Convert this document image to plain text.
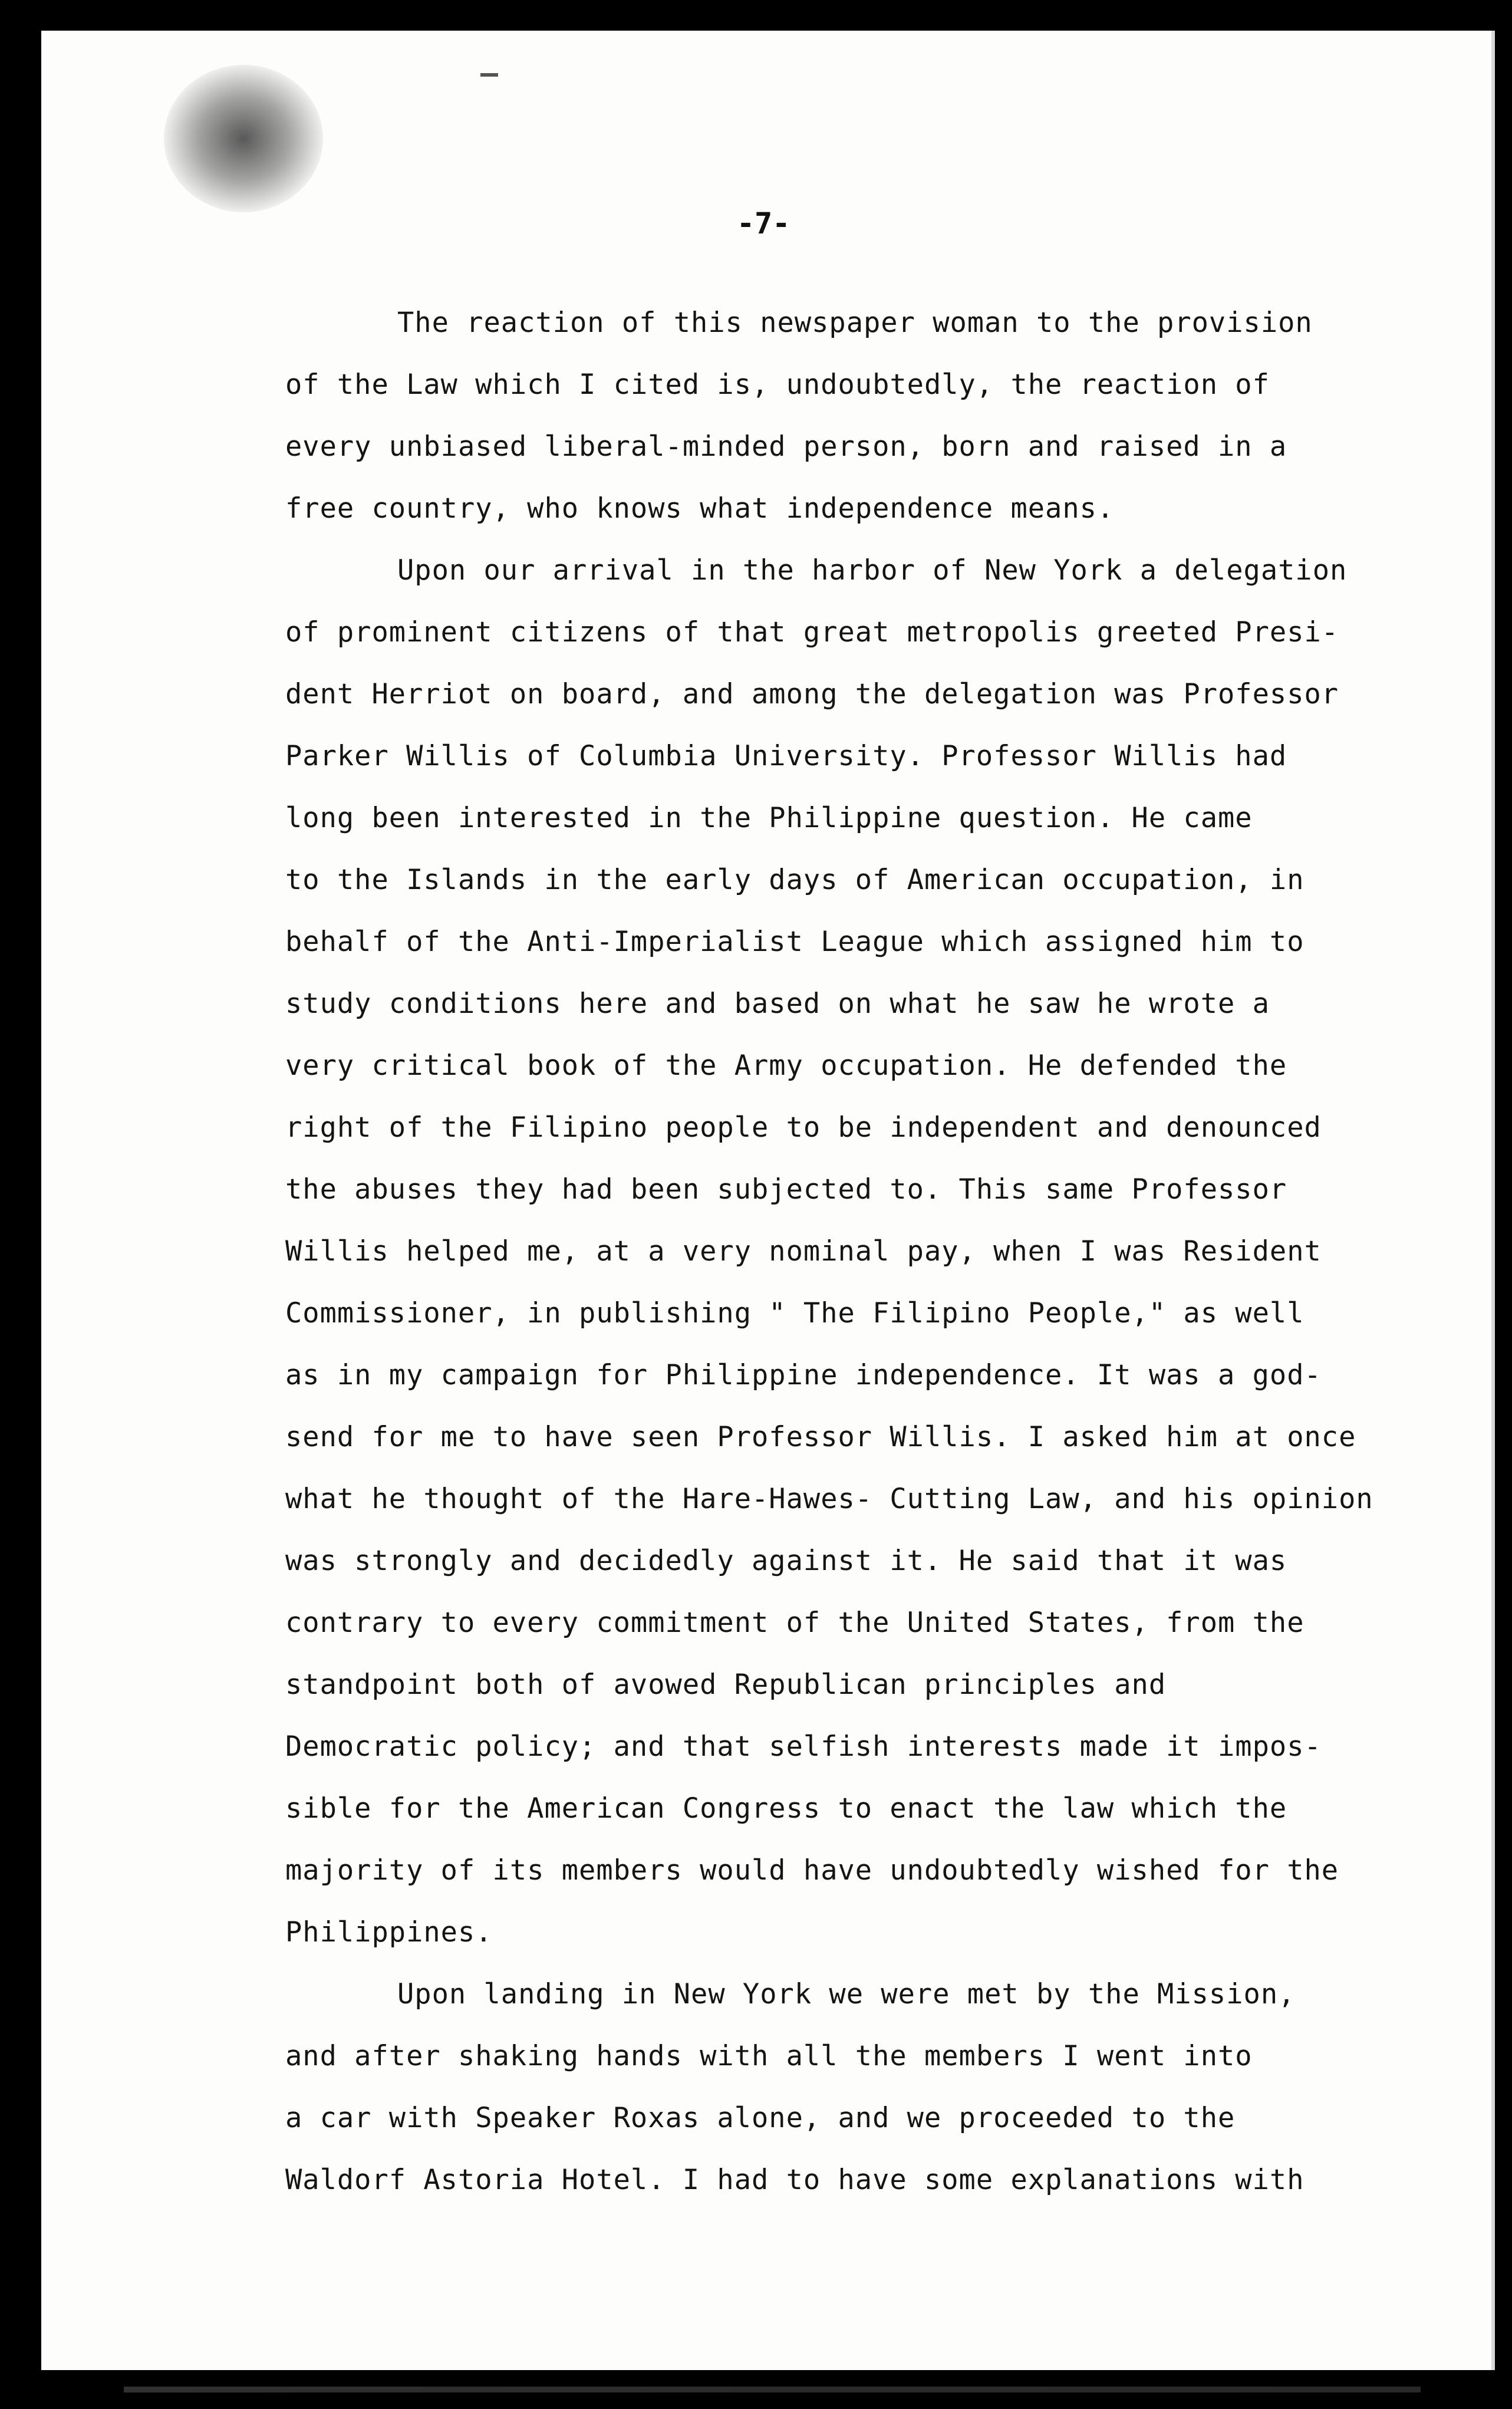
-7-
The reaction of this newspaper woman to the provision
of the Law which I cited is, undoubtedly, the reaction of
every unbiased liberal-minded person, born and raised in a
free country, who knows what independence means.
Upon our arrival in the harbor of New York a delegation
of prominent citizens of that great metropolis greeted Presi-
dent Herriot on board, and among the delegation was Professor
Parker Willis of Columbia University. Professor Willis had
long been interested in the Philippine question. He came
to the Islands in the early days of American occupation, in
behalf of the Anti-Imperialist League which assigned him to
study conditions here and based on what he saw he wrote a
very critical book of the Army occupation. He defended the
right of the Filipino people to be independent and denounced
the abuses they had been subjected to. This same Professor
Willis helped me, at a very nominal pay, when I was Resident
Commissioner, in publishing " The Filipino People," as well
as in my campaign for Philippine independence. It was a god-
send for me to have seen Professor Willis. I asked him at once
what he thought of the Hare-Hawes- Cutting Law, and his opinion
was strongly and decidedly against it. He said that it was
contrary to every commitment of the United States, from the
standpoint both of avowed Republican principles and
Democratic policy; and that selfish interests made it impos-
sible for the American Congress to enact the law which the
majority of its members would have undoubtedly wished for the
Philippines.
Upon landing in New York we were met by the Mission,
and after shaking hands with all the members I went into
a car with Speaker Roxas alone, and we proceeded to the
Waldorf Astoria Hotel. I had to have some explanations with
